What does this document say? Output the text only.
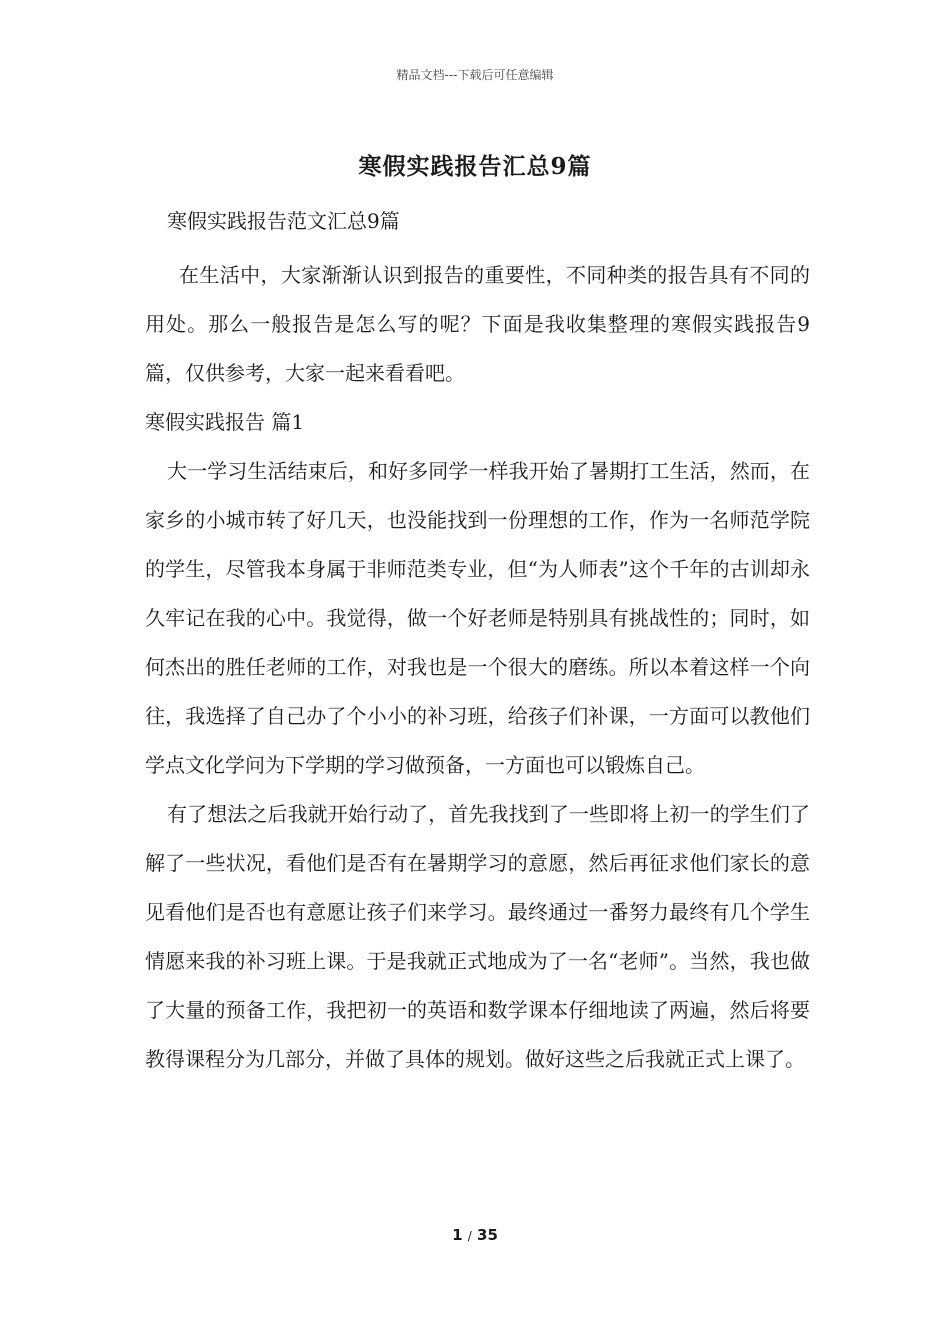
精品文档---下载后可任意编辑
寒假实践报告汇总9篇

寒假实践报告范文汇总9篇

在生活中，大家渐渐认识到报告的重要性，不同种类的报告具有不同的用处。那么一般报告是怎么写的呢？下面是我收集整理的寒假实践报告9篇，仅供参考，大家一起来看看吧。

寒假实践报告 篇1

大一学习生活结束后，和好多同学一样我开始了暑期打工生活，然而，在家乡的小城市转了好几天，也没能找到一份理想的工作，作为一名师范学院的学生，尽管我本身属于非师范类专业，但“为人师表”这个千年的古训却永久牢记在我的心中。我觉得，做一个好老师是特别具有挑战性的；同时，如何杰出的胜任老师的工作，对我也是一个很大的磨练。所以本着这样一个向往，我选择了自己办了个小小的补习班，给孩子们补课，一方面可以教他们学点文化学问为下学期的学习做预备，一方面也可以锻炼自己。

有了想法之后我就开始行动了，首先我找到了一些即将上初一的学生们了解了一些状况，看他们是否有在暑期学习的意愿，然后再征求他们家长的意见看他们是否也有意愿让孩子们来学习。最终通过一番努力最终有几个学生情愿来我的补习班上课。于是我就正式地成为了一名“老师”。当然，我也做了大量的预备工作，我把初一的英语和数学课本仔细地读了两遍，然后将要教得课程分为几部分，并做了具体的规划。做好这些之后我就正式上课了。

1 / 35
